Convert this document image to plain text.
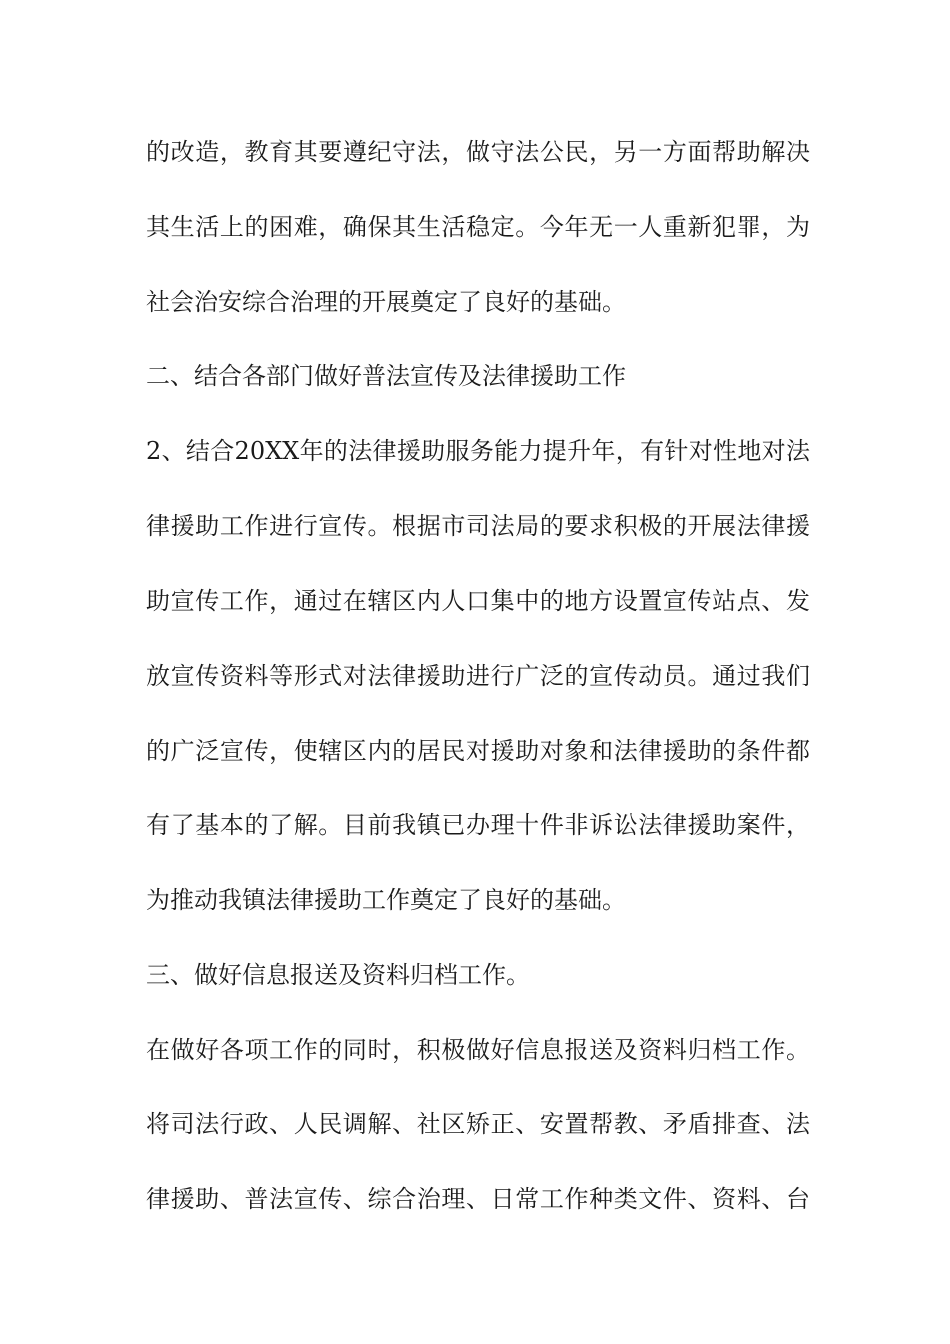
的改造，教育其要遵纪守法，做守法公民，另一方面帮助解决
其生活上的困难，确保其生活稳定。今年无一人重新犯罪，为
社会治安综合治理的开展奠定了良好的基础。
二、结合各部门做好普法宣传及法律援助工作
2、结合20XX年的法律援助服务能力提升年，有针对性地对法
律援助工作进行宣传。根据市司法局的要求积极的开展法律援
助宣传工作，通过在辖区内人口集中的地方设置宣传站点、发
放宣传资料等形式对法律援助进行广泛的宣传动员。通过我们
的广泛宣传，使辖区内的居民对援助对象和法律援助的条件都
有了基本的了解。目前我镇已办理十件非诉讼法律援助案件，
为推动我镇法律援助工作奠定了良好的基础。
三、做好信息报送及资料归档工作。
在做好各项工作的同时，积极做好信息报送及资料归档工作。
将司法行政、人民调解、社区矫正、安置帮教、矛盾排查、法
律援助、普法宣传、综合治理、日常工作种类文件、资料、台
